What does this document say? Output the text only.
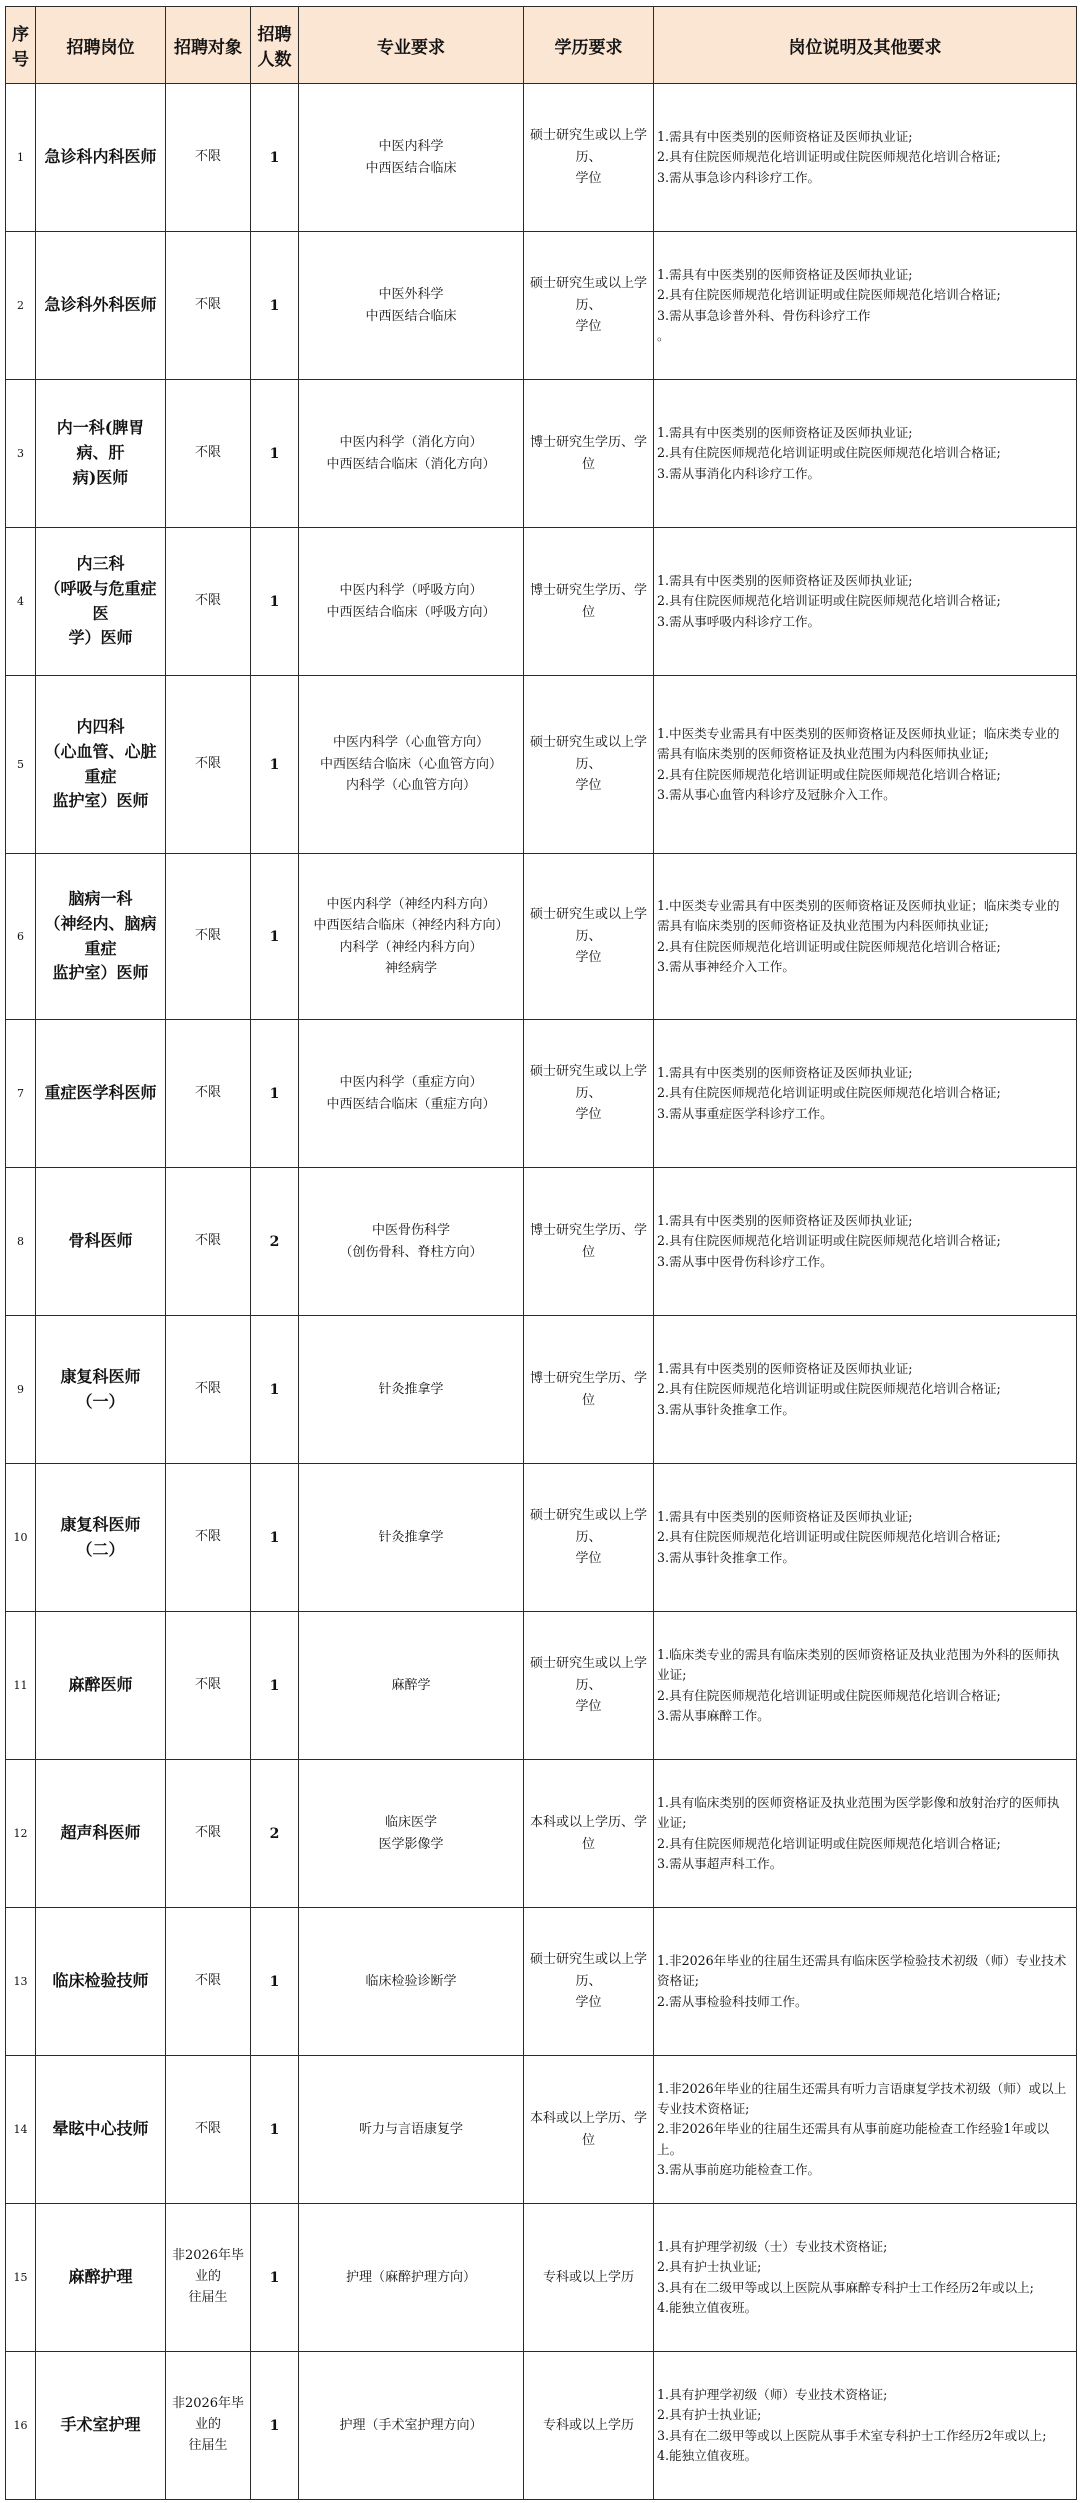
序号	招聘岗位	招聘对象	招聘人数	专业要求	学历要求	岗位说明及其他要求
1	急诊科内科医师	不限	1	中医内科学
中西医结合临床	硕士研究生或以上学历、
学位	1.需具有中医类别的医师资格证及医师执业证;
2.具有住院医师规范化培训证明或住院医师规范化培训合格证;
3.需从事急诊内科诊疗工作。

2	急诊科外科医师	不限	1	中医外科学
中西医结合临床	硕士研究生或以上学历、
学位	1.需具有中医类别的医师资格证及医师执业证;
2.具有住院医师规范化培训证明或住院医师规范化培训合格证;
3.需从事急诊普外科、骨伤科诊疗工作
。

3	内一科(脾胃病、肝
病)医师	不限	1	中医内科学（消化方向）
中西医结合临床（消化方向）	博士研究生学历、学位	1.需具有中医类别的医师资格证及医师执业证;
2.具有住院医师规范化培训证明或住院医师规范化培训合格证;
3.需从事消化内科诊疗工作。

4	内三科
（呼吸与危重症医
学）医师	不限	1	中医内科学（呼吸方向）
中西医结合临床（呼吸方向）	博士研究生学历、学位	1.需具有中医类别的医师资格证及医师执业证;
2.具有住院医师规范化培训证明或住院医师规范化培训合格证;
3.需从事呼吸内科诊疗工作。

5	内四科
（心血管、心脏重症
监护室）医师	不限	1	中医内科学（心血管方向）
中西医结合临床（心血管方向）
内科学（心血管方向）	硕士研究生或以上学历、
学位	1.中医类专业需具有中医类别的医师资格证及医师执业证；临床类专业的需具有临床类别的医师资格证及执业范围为内科医师执业证;
2.具有住院医师规范化培训证明或住院医师规范化培训合格证;
3.需从事心血管内科诊疗及冠脉介入工作。

6	脑病一科
（神经内、脑病重症
监护室）医师	不限	1	中医内科学（神经内科方向）
中西医结合临床（神经内科方向）
内科学（神经内科方向）
神经病学	硕士研究生或以上学历、
学位	1.中医类专业需具有中医类别的医师资格证及医师执业证；临床类专业的需具有临床类别的医师资格证及执业范围为内科医师执业证;
2.具有住院医师规范化培训证明或住院医师规范化培训合格证;
3.需从事神经介入工作。

7	重症医学科医师	不限	1	中医内科学（重症方向）
中西医结合临床（重症方向）	硕士研究生或以上学历、
学位	1.需具有中医类别的医师资格证及医师执业证;
2.具有住院医师规范化培训证明或住院医师规范化培训合格证;
3.需从事重症医学科诊疗工作。

8	骨科医师	不限	2	中医骨伤科学
（创伤骨科、脊柱方向）	博士研究生学历、学位	1.需具有中医类别的医师资格证及医师执业证;
2.具有住院医师规范化培训证明或住院医师规范化培训合格证;
3.需从事中医骨伤科诊疗工作。

9	康复科医师（一）	不限	1	针灸推拿学	博士研究生学历、学位	1.需具有中医类别的医师资格证及医师执业证;
2.具有住院医师规范化培训证明或住院医师规范化培训合格证;
3.需从事针灸推拿工作。

10	康复科医师（二）	不限	1	针灸推拿学	硕士研究生或以上学历、
学位	1.需具有中医类别的医师资格证及医师执业证;
2.具有住院医师规范化培训证明或住院医师规范化培训合格证;
3.需从事针灸推拿工作。

11	麻醉医师	不限	1	麻醉学	硕士研究生或以上学历、
学位	1.临床类专业的需具有临床类别的医师资格证及执业范围为外科的医师执业证;
2.具有住院医师规范化培训证明或住院医师规范化培训合格证;
3.需从事麻醉工作。

12	超声科医师	不限	2	临床医学
医学影像学	本科或以上学历、学位	1.具有临床类别的医师资格证及执业范围为医学影像和放射治疗的医师执业证;
2.具有住院医师规范化培训证明或住院医师规范化培训合格证;
3.需从事超声科工作。

13	临床检验技师	不限	1	临床检验诊断学	硕士研究生或以上学历、
学位	1.非2026年毕业的往届生还需具有临床医学检验技术初级（师）专业技术资格证;
2.需从事检验科技师工作。

14	晕眩中心技师	不限	1	听力与言语康复学	本科或以上学历、学位	1.非2026年毕业的往届生还需具有听力言语康复学技术初级（师）或以上专业技术资格证;
2.非2026年毕业的往届生还需具有从事前庭功能检查工作经验1年或以上。
3.需从事前庭功能检查工作。

15	麻醉护理	非2026年毕业的
往届生	1	护理（麻醉护理方向）	专科或以上学历	1.具有护理学初级（士）专业技术资格证;
2.具有护士执业证;
3.具有在二级甲等或以上医院从事麻醉专科护士工作经历2年或以上;
4.能独立值夜班。

16	手术室护理	非2026年毕业的
往届生	1	护理（手术室护理方向）	专科或以上学历	1.具有护理学初级（师）专业技术资格证;
2.具有护士执业证;
3.具有在二级甲等或以上医院从事手术室专科护士工作经历2年或以上;
4.能独立值夜班。
